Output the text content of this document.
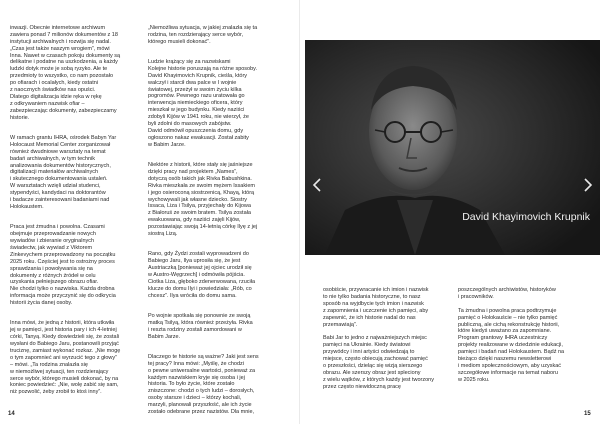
inwazji. Obecnie internetowe archiwum
zawiera ponad 7 milionów dokumentów z 18
instytucji archiwalnych i rozwija się nadal.
„Czas jest także naszym wrogiem”, mówi
Inna. Nawet w czasach pokoju dokumenty są
delikatne i podatne na uszkodzenia, a każdy
ludzki dotyk może je sobą ryzyko. Ale te
przedmioty to wszystko, co nam pozostało
po ofiarach i ocalałych, kiedy ostatni
z naocznych świadków nas opuści.
Dlatego digitalizacja idzie ręka w rękę
z odkrywaniem nazwisk ofiar –
zabezpieczając dokumenty, zabezpieczamy
historie.

W ramach grantu IHRA, ośrodek Babyn Yar
Holocaust Memorial Center zorganizował
również dwudniowe warsztaty na temat
badań archiwalnych, w tym technik
analizowania dokumentów historycznych,
digitalizacji materiałów archiwalnych
i skutecznego dokumentowania ustaleń.
W warsztatach wzięli udział studenci,
stypendyści, kandydaci na doktorantów
i badacze zainteresowani badaniami nad
Holokaustem.

Praca jest żmudna i powolna. Czasami
obejmuje przeprowadzanie nowych
wywiadów i zbieranie oryginalnych
świadectw, jak wywiad z Viktorem
Zinkevychem przeprowadzony na początku
2025 roku. Częściej jest to ostrożny proces
sprawdzania i powoływania się na
dokumenty z różnych źródeł w celu
uzyskania pełniejszego obrazu ofiar.
Nie chodzi tylko o nazwiska. Każda drobna
informacja może przyczynić się do odkrycia
historii życia danej osoby.

Inna mówi, że jedną z historii, która utkwiła
jej w pamięci, jest historia pary i ich 4-letniej
córki, Tanyą. Kiedy dowiedzieli się, że zostali
wysłani do Babiego Jaru, postanowili przyjąć
truciznę, zamiast wykonać rozkaz. „Nie mogę
o tym zapomnieć ani wyrzucić tego z głowy”
– mówi. „Ta rodzina znalazła się
w niemożliwej sytuacji, ten rozdzierający
serce wybór, którego musieli dokonać, by na
koniec powiedzieć: „Nie, wolę zabić się sam,
niż pozwolić, żeby zrobił to ktoś inny”.

„Niemożliwa sytuacja, w jakiej znalazła się ta
rodzina, ten rozdzierający serce wybór,
którego musieli dokonać”.

Ludzie krążący się za nazwiskami
Kolejne historie poruszają na różne sposoby.
David Khayimovich Krupnik, cieśla, który
walczył i starcił dwa palce w I wojnie
światowej, przeżył w swoim życiu kilka
pogromów. Pewnego razu uratowała go
interwencja niemieckiego oficera, który
mieszkał w jego budynku. Kiedy naziści
zdobyli Kijów w 1941 roku, nie wierzył, że
byli zdolni do masowych zabójstw.
David odmówił opuszczenia domu, gdy
ogłoszono nakaz ewakuacji. Został zabity
w Babim Jarze.

Niektóre z historii, które stały się jaśniejsze
dzięki pracy nad projektem „Names”,
dotyczą osób takich jak Rivka Babushkina.
Rivka mieszkała ze swoim mężem Issakiem
i jego osieroconą siostrzenicą, Khayą, którą
wychowywali jak własne dziecko. Siostry
Issaca, Liza i Tsilya, przyjechały do Kijowa
z Białoruś ze swoim bratem. Tsilya została
ewakuowana, gdy naziści zajęli Kijów,
pozostawiając swoją 14-letnią córkę Ilyę z jej
siostrą Lizą.

Rano, gdy Żydzi zostali wyprowadzeni do
Babiego Jaru, Ilya uprosiła się, że jest
Austriaczką [ponieważ jej ojciec urodził się
w Austro-Węgrzech] i odmówiła pójścia.
Ciotka Liza, głęboko zdenerwowana, rzuciła
klucze do domu Ilyi i powiedziała: „Rób, co
chcesz”. Ilya wróciła do domu sama.

Po wojnie spotkała się ponownie ze swoją
matką Tsilyą, która również przeżyła. Rivka
i reszta rodziny zostali zamordowani w
Babim Jarze.

Dlaczego te historie są ważne? Jaki jest sens
tej pracy? Inna mówi: „Myślę, że chodzi
o pewne uniwersalne wartości, ponieważ za
każdym nazwiskiem kryje się osoba i jej
historia. To było życie, które zostało
zniszczone: chodzi o tych ludzi – dorosłych,
osoby starsze i dzieci – którzy kochali,
marzyli, planowali przyszłość, ale ich życie
zostało odebrane przez nazistów. Dla mnie,

14
osobiście, przywracanie ich imion i nazwisk
to nie tylko badania historyczne, to nasz
sposób na wyjdbycie tych imion i nazwisk
z zapomnienia i uczczenie ich pamięci, aby
zapewnić, że ich historie nadal do nas
przemawiają”.

Babi Jar to jedno z najważniejszych miejsc
pamięci na Ukrainie. Kiedy światowi
przywódcy i inni artyści odwiedzają to
miejsce, często obiecują zachować pamięć
o przeszłości, dzieląc się wizją sierszego
obrazu. Ale szerszy obraz jest spleciony
z wielu wątków, z których każdy jest tworzony
przez często niewidoczną pracę
poszczególnych archiwistów, historyków
i pracowników.

Ta żmudna i powolna praca podtrzymuje
pamięć o Holokauście – nie tylko pamięć
publiczną, ale cichą rekonstrukcję historii,
które kiedyś uważano za zapomniane.
Program grantowy IHRA uczestniczy
projekty realizowane w dziedzinie edukacji,
pamięci i badań nad Holokaustem. Bądź na
bieżąco dzięki naszemu newsletterowi
i mediom społecznościowym, aby uzyskać
szczegółowe informacje na temat naboru
w 2025 roku.
15
David Khayimovich Krupnik
